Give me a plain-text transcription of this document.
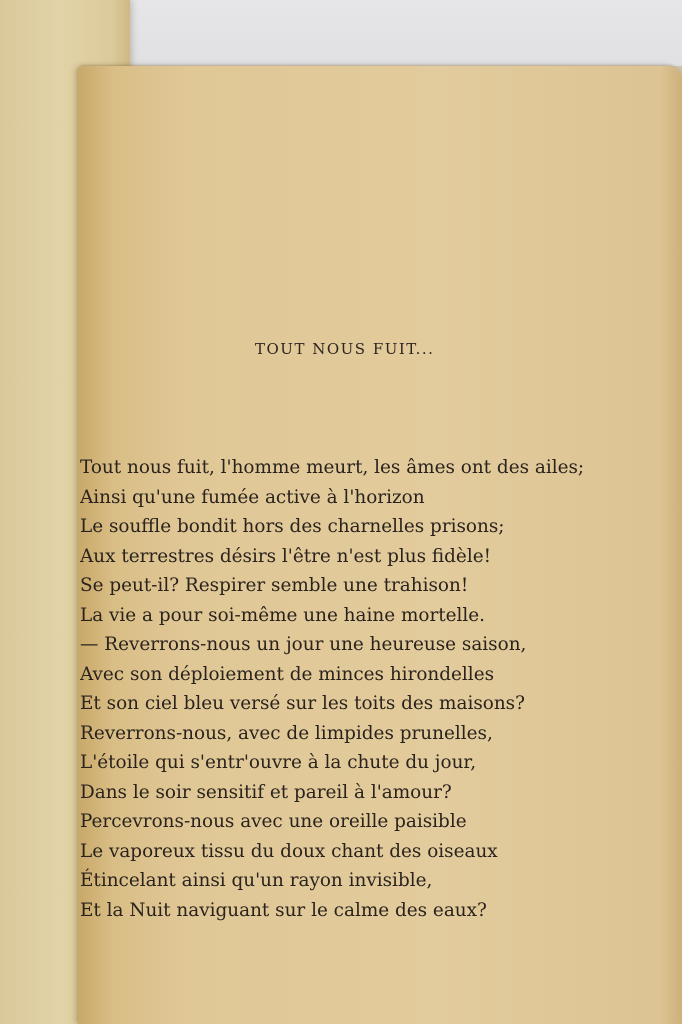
TOUT NOUS FUIT...

Tout nous fuit, l'homme meurt, les âmes ont des ailes;

Ainsi qu'une fumée active à l'horizon

Le souffle bondit hors des charnelles prisons;

Aux terrestres désirs l'être n'est plus fidèle!

Se peut-il? Respirer semble une trahison!

La vie a pour soi-même une haine mortelle.

— Reverrons-nous un jour une heureuse saison,

Avec son déploiement de minces hirondelles

Et son ciel bleu versé sur les toits des maisons?

Reverrons-nous, avec de limpides prunelles,

L'étoile qui s'entr'ouvre à la chute du jour,

Dans le soir sensitif et pareil à l'amour?

Percevrons-nous avec une oreille paisible

Le vaporeux tissu du doux chant des oiseaux

Étincelant ainsi qu'un rayon invisible,

Et la Nuit naviguant sur le calme des eaux?
